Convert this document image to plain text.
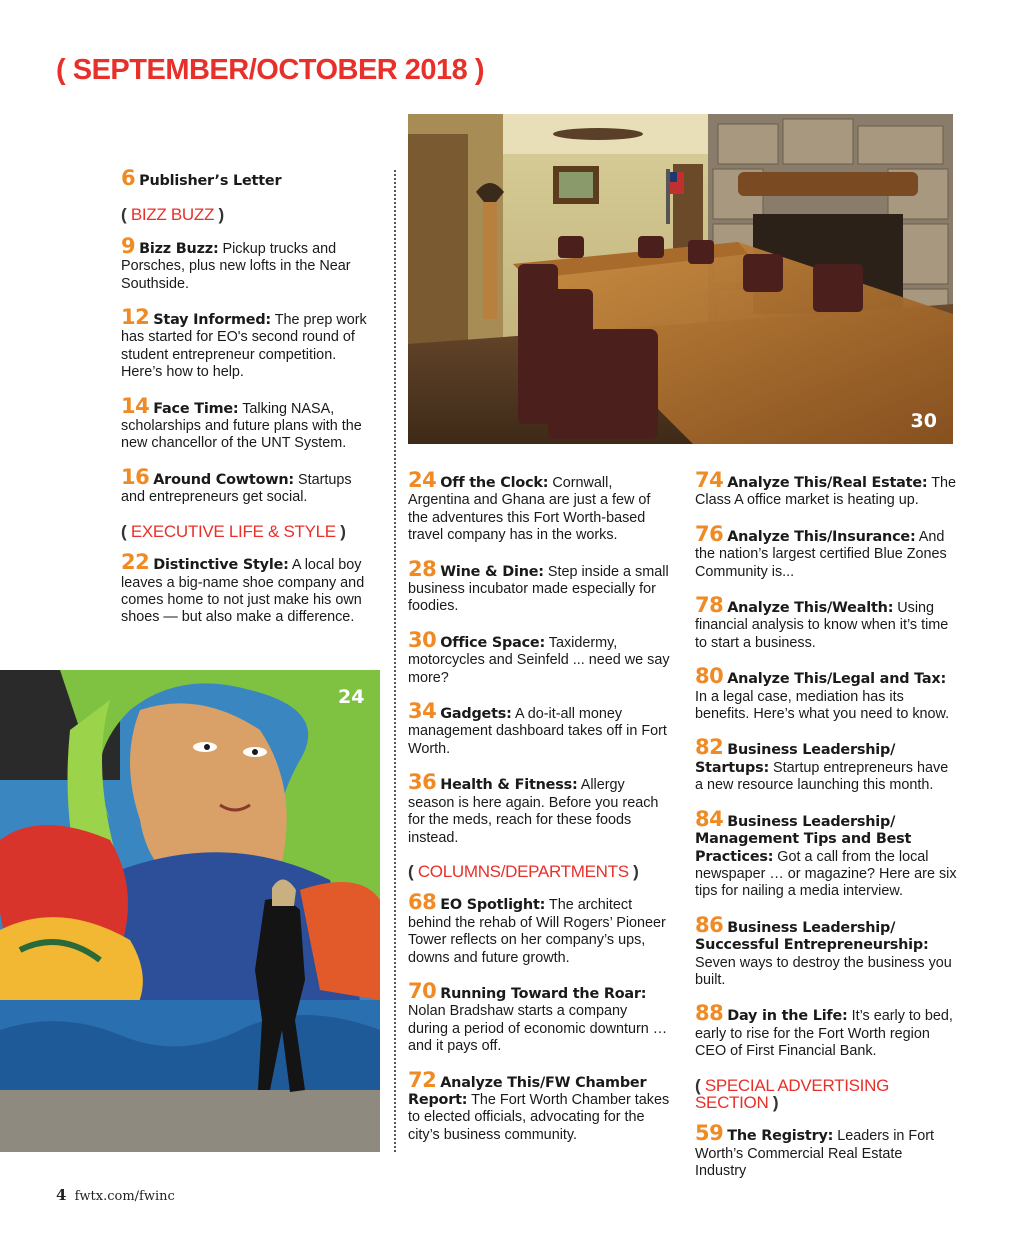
( SEPTEMBER/OCTOBER 2018 )
30
24
6 Publisher’s Letter
( BIZZ BUZZ )
9 Bizz Buzz: Pickup trucks and Porsches, plus new lofts in the Near Southside.
12 Stay Informed: The prep work has started for EO's second round of student entrepreneur competition. Here’s how to help.
14 Face Time: Talking NASA, scholarships and future plans with the new chancellor of the UNT System.
16 Around Cowtown: Startups and entrepreneurs get social.
( EXECUTIVE LIFE & STYLE )
22 Distinctive Style: A local boy leaves a big-name shoe company and comes home to not just make his own shoes — but also make a difference.
24 Off the Clock: Cornwall, Argentina and Ghana are just a few of the adventures this Fort Worth-based travel company has in the works.
28 Wine & Dine: Step inside a small business incubator made especially for foodies.
30 Office Space: Taxidermy, motorcycles and Seinfeld ... need we say more?
34 Gadgets: A do-it-all money management dashboard takes off in Fort Worth.
36 Health & Fitness: Allergy season is here again. Before you reach for the meds, reach for these foods instead.
( COLUMNS/DEPARTMENTS )
68 EO Spotlight: The architect behind the rehab of Will Rogers’ Pioneer Tower reflects on her company’s ups, downs and future growth.
70 Running Toward the Roar: Nolan Bradshaw starts a company during a period of economic downturn … and it pays off.
72 Analyze This/FW Chamber Report: The Fort Worth Chamber takes to elected officials, advocating for the city’s business community.
74 Analyze This/Real Estate: The Class A office market is heating up.
76 Analyze This/Insurance: And the nation’s largest certified Blue Zones Community is...
78 Analyze This/Wealth: Using financial analysis to know when it’s time to start a business.
80 Analyze This/Legal and Tax: In a legal case, mediation has its benefits. Here’s what you need to know.
82 Business Leadership/ Startups: Startup entrepreneurs have a new resource launching this month.
84 Business Leadership/ Management Tips and Best Practices: Got a call from the local newspaper … or magazine? Here are six tips for nailing a media interview.
86 Business Leadership/ Successful Entrepreneurship: Seven ways to destroy the business you built.
88 Day in the Life: It’s early to bed, early to rise for the Fort Worth region CEO of First Financial Bank.
( SPECIAL ADVERTISING SECTION )
59 The Registry: Leaders in Fort Worth’s Commercial Real Estate Industry
4 fwtx.com/fwinc
